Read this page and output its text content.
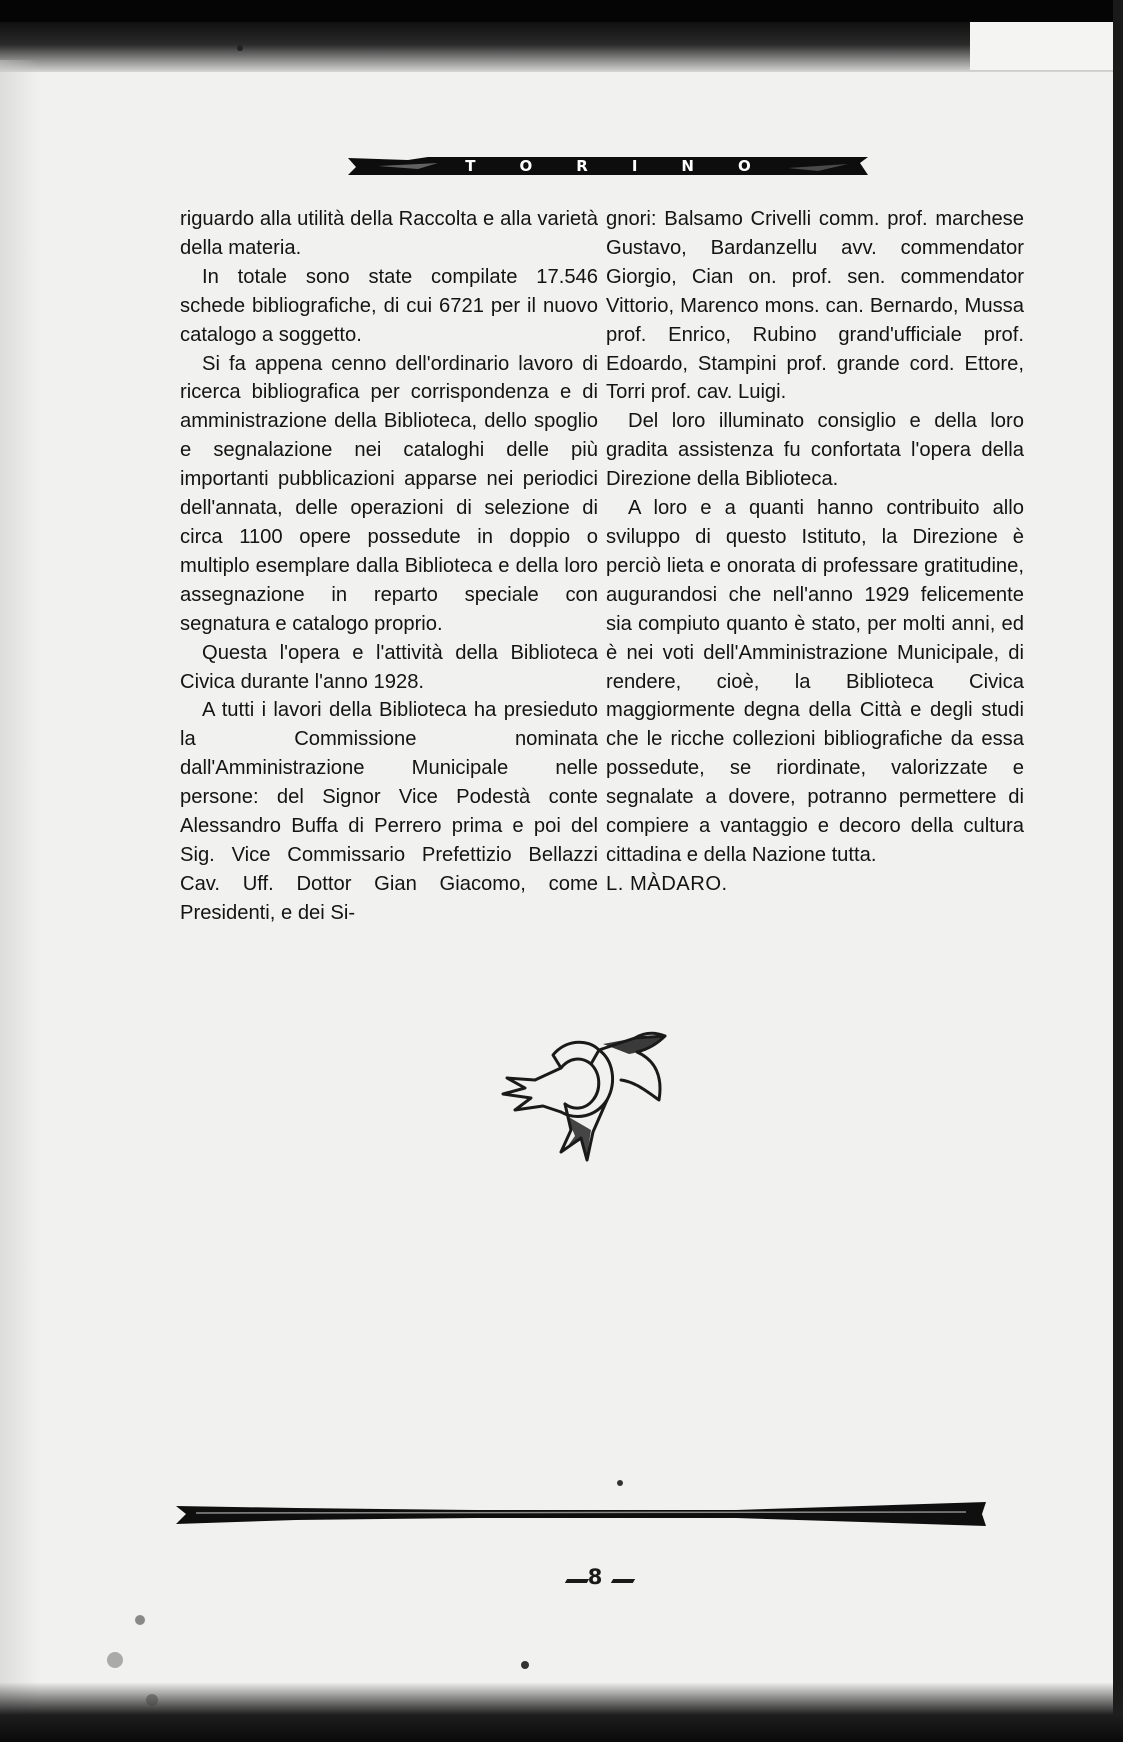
TORINO

riguardo alla utilità della Raccolta e alla varietà della materia.

In totale sono state compilate 17.546 schede bibliografiche, di cui 6721 per il nuovo catalogo a soggetto.

Si fa appena cenno dell'ordinario lavoro di ricerca bibliografica per corrispondenza e di amministrazione della Biblioteca, dello spoglio e segnalazione nei cataloghi delle più importanti pubblicazioni apparse nei periodici dell'annata, delle operazioni di selezione di circa 1100 opere possedute in doppio o multiplo esemplare dalla Biblioteca e della loro assegnazione in reparto speciale con segnatura e catalogo proprio.

Questa l'opera e l'attività della Biblioteca Civica durante l'anno 1928.

A tutti i lavori della Biblioteca ha presieduto la Commissione nominata dall'Amministrazione Municipale nelle persone: del Signor Vice Podestà conte Alessandro Buffa di Perrero prima e poi del Sig. Vice Commissario Prefettizio Bellazzi Cav. Uff. Dottor Gian Giacomo, come Presidenti, e dei Si-

gnori: Balsamo Crivelli comm. prof. marchese Gustavo, Bardanzellu avv. commendator Giorgio, Cian on. prof. sen. commendator Vittorio, Marenco mons. can. Bernardo, Mussa prof. Enrico, Rubino grand'ufficiale prof. Edoardo, Stampini prof. grande cord. Ettore, Torri prof. cav. Luigi.

Del loro illuminato consiglio e della loro gradita assistenza fu confortata l'opera della Direzione della Biblioteca.

A loro e a quanti hanno contribuito allo sviluppo di questo Istituto, la Direzione è perciò lieta e onorata di professare gratitudine, augurandosi che nell'anno 1929 felicemente sia compiuto quanto è stato, per molti anni, ed è nei voti dell'Amministrazione Municipale, di rendere, cioè, la Biblioteca Civica maggiormente degna della Città e degli studi che le ricche collezioni bibliografiche da essa possedute, se riordinate, valorizzate e segnalate a dovere, potranno permettere di compiere a vantaggio e decoro della cultura cittadina e della Nazione tutta.

L. MÀDARO.

8
